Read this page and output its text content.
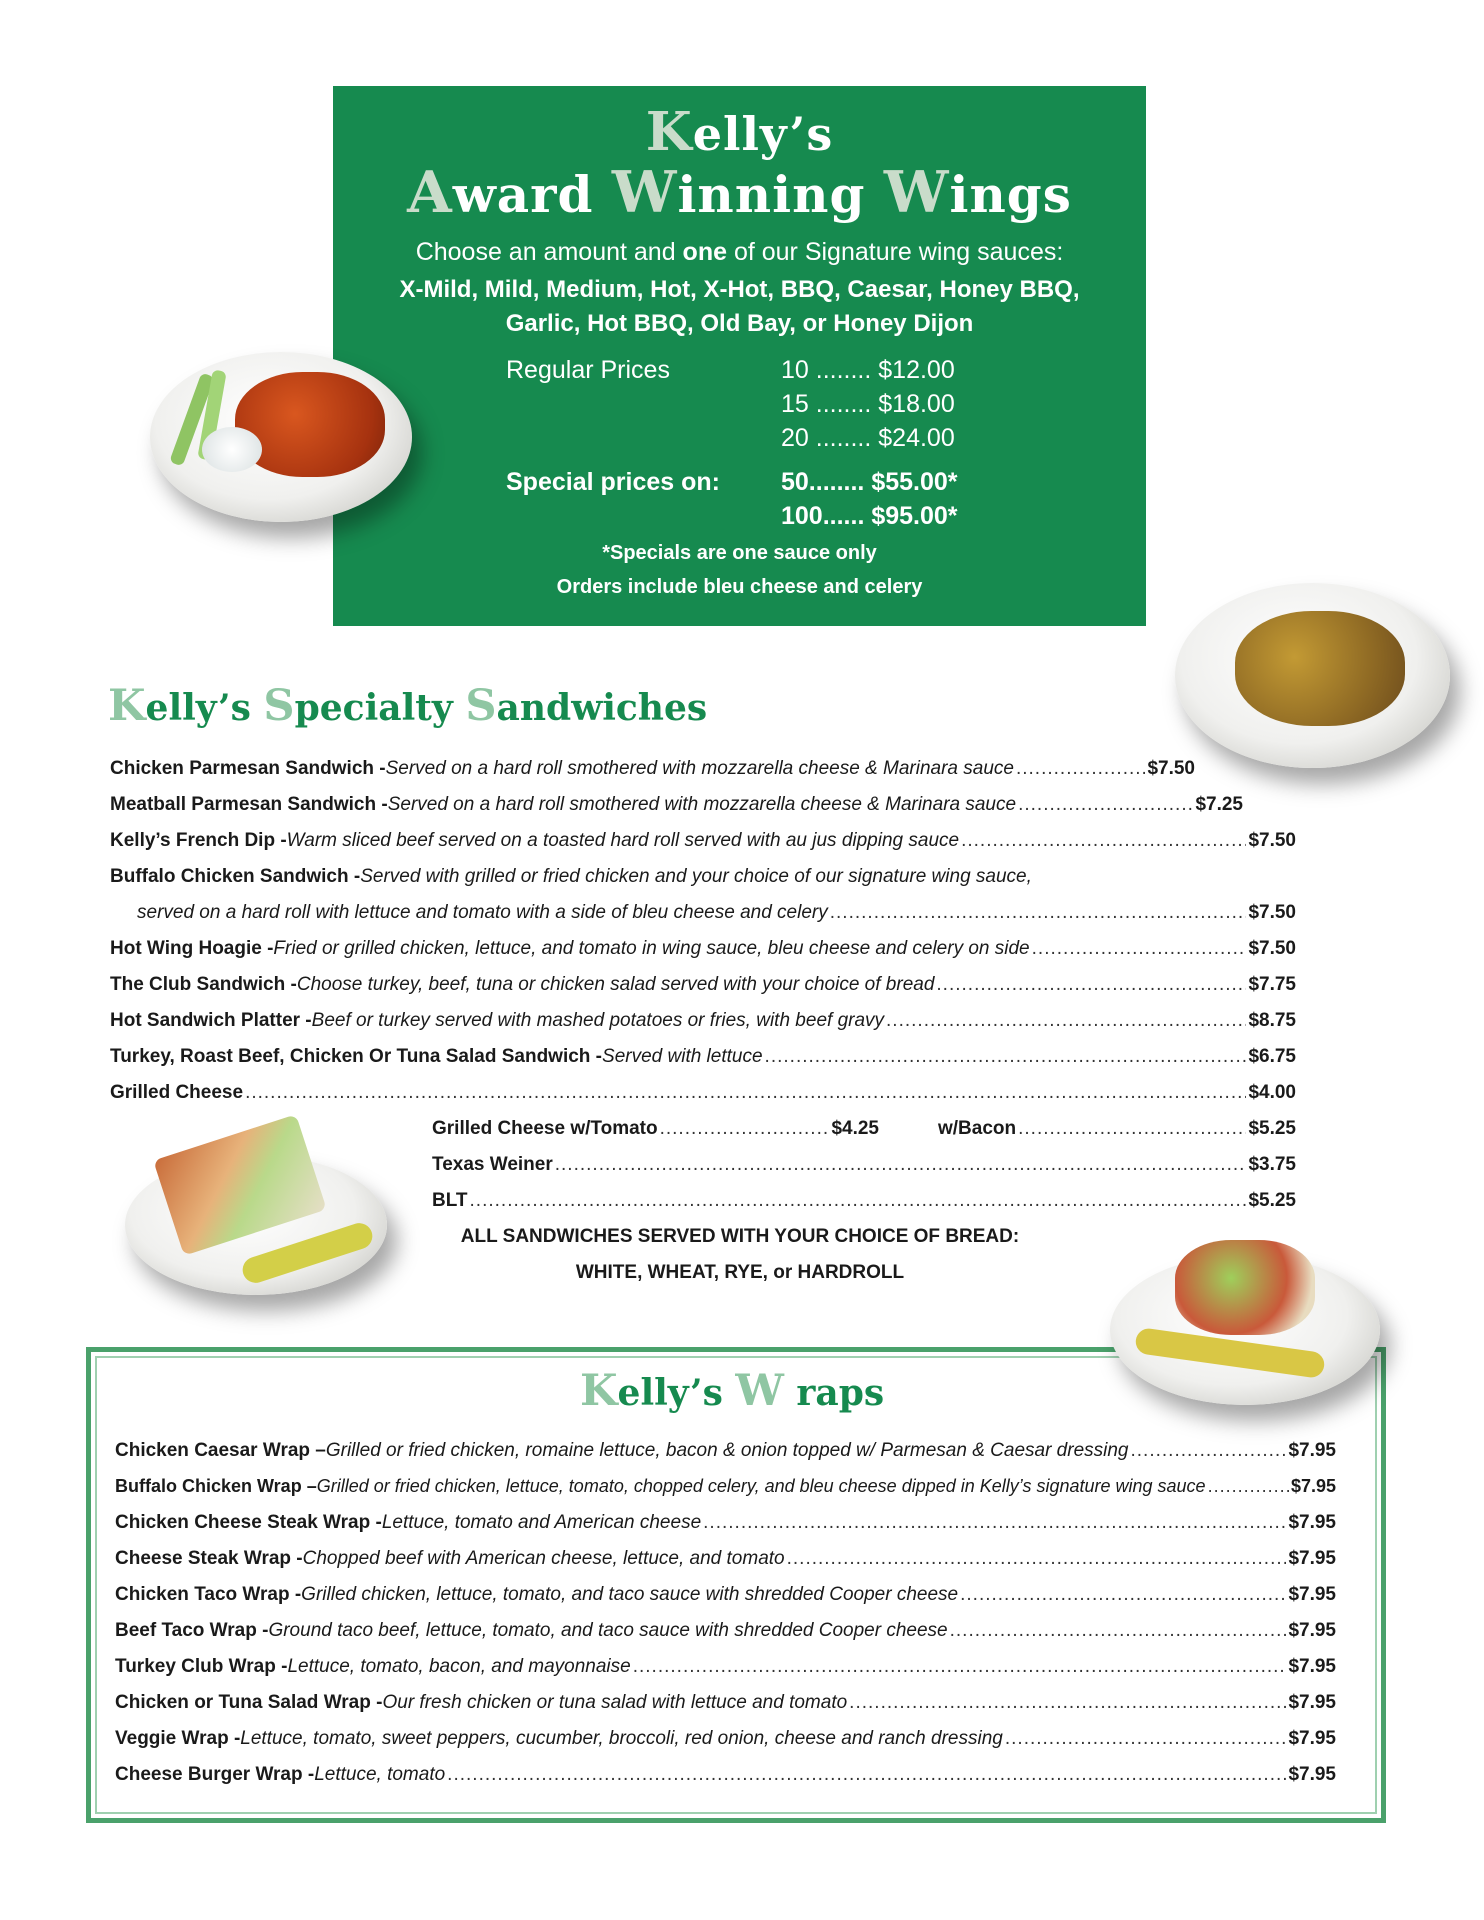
Kelly’s
Award Winning Wings
Choose an amount and one of our Signature wing sauces:
X-Mild, Mild, Medium, Hot, X-Hot, BBQ, Caesar, Honey BBQ,
Garlic, Hot BBQ, Old Bay, or Honey Dijon
Regular Prices	10 ........ $12.00
15 ........ $18.00
20 ........ $24.00
Special prices on: 50........ $55.00*
100...... $95.00*
*Specials are one sauce only
Orders include bleu cheese and celery
Kelly’s Specialty Sandwiches
Chicken Parmesan Sandwich - Served on a hard roll smothered with mozzarella cheese & Marinara sauce .....	$7.50
Meatball Parmesan Sandwich - Served on a hard roll smothered with mozzarella cheese & Marinara sauce .....	$7.25
Kelly’s French Dip - Warm sliced beef served on a toasted hard roll served with au jus dipping sauce .....	$7.50
Buffalo Chicken Sandwich - Served with grilled or fried chicken and your choice of our signature wing sauce,
served on a hard roll with lettuce and tomato with a side of bleu cheese and celery .....	$7.50
Hot Wing Hoagie - Fried or grilled chicken, lettuce, and tomato in wing sauce, bleu cheese and celery on side .....	$7.50
The Club Sandwich - Choose turkey, beef, tuna or chicken salad served with your choice of bread .....	$7.75
Hot Sandwich Platter - Beef or turkey served with mashed potatoes or fries, with beef gravy .....	$8.75
Turkey, Roast Beef, Chicken Or Tuna Salad Sandwich - Served with lettuce .....	$6.75
Grilled Cheese .....	$4.00
Grilled Cheese w/Tomato .....	$4.25	w/Bacon .....	$5.25
Texas Weiner .....	$3.75
BLT .....	$5.25
ALL SANDWICHES SERVED WITH YOUR CHOICE OF BREAD:
WHITE, WHEAT, RYE, or HARDROLL
Kelly’s W raps
Chicken Caesar Wrap – Grilled or fried chicken, romaine lettuce, bacon & onion topped w/ Parmesan & Caesar dressing .....	$7.95
Buffalo Chicken Wrap – Grilled or fried chicken, lettuce, tomato, chopped celery, and bleu cheese dipped in Kelly’s signature wing sauce .....	$7.95
Chicken Cheese Steak Wrap - Lettuce, tomato and American cheese .....	$7.95
Cheese Steak Wrap - Chopped beef with American cheese, lettuce, and tomato .....	$7.95
Chicken Taco Wrap - Grilled chicken, lettuce, tomato, and taco sauce with shredded Cooper cheese .....	$7.95
Beef Taco Wrap - Ground taco beef, lettuce, tomato, and taco sauce with shredded Cooper cheese .....	$7.95
Turkey Club Wrap - Lettuce, tomato, bacon, and mayonnaise .....	$7.95
Chicken or Tuna Salad Wrap - Our fresh chicken or tuna salad with lettuce and tomato .....	$7.95
Veggie Wrap - Lettuce, tomato, sweet peppers, cucumber, broccoli, red onion, cheese and ranch dressing .....	$7.95
Cheese Burger Wrap - Lettuce, tomato .....	$7.95
